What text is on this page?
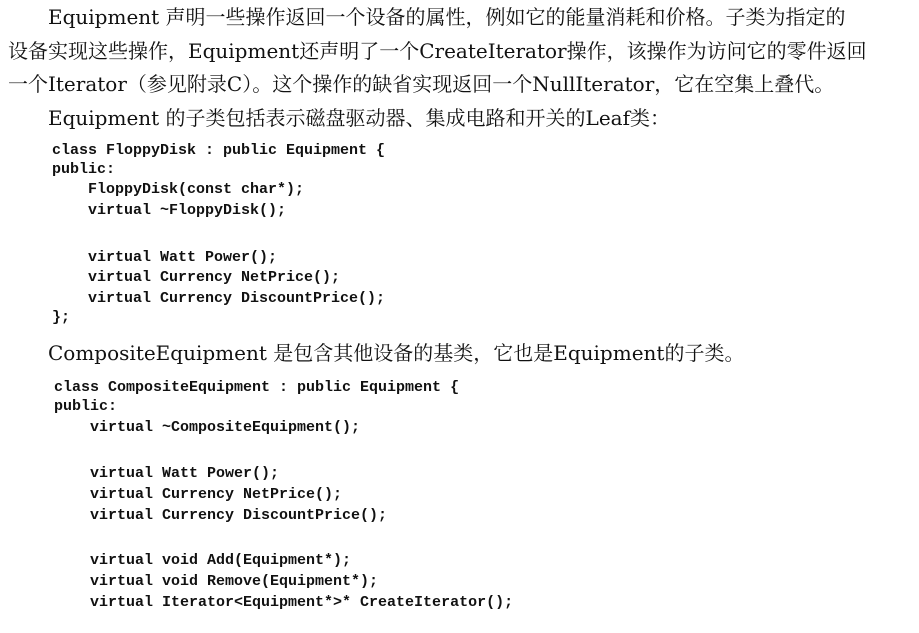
Equipment 声明一些操作返回一个设备的属性，例如它的能量消耗和价格。子类为指定的

设备实现这些操作，Equipment还声明了一个CreateIterator操作，该操作为访问它的零件返回

一个Iterator（参见附录C）。这个操作的缺省实现返回一个NullIterator，它在空集上叠代。

Equipment 的子类包括表示磁盘驱动器、集成电路和开关的Leaf类：

class FloppyDisk : public Equipment {
public:
FloppyDisk(const char*);
virtual ~FloppyDisk();
virtual Watt Power();
virtual Currency NetPrice();
virtual Currency DiscountPrice();
};

CompositeEquipment 是包含其他设备的基类，它也是Equipment的子类。

class CompositeEquipment : public Equipment {
public:
virtual ~CompositeEquipment();
virtual Watt Power();
virtual Currency NetPrice();
virtual Currency DiscountPrice();
virtual void Add(Equipment*);
virtual void Remove(Equipment*);
virtual Iterator<Equipment*>* CreateIterator();
